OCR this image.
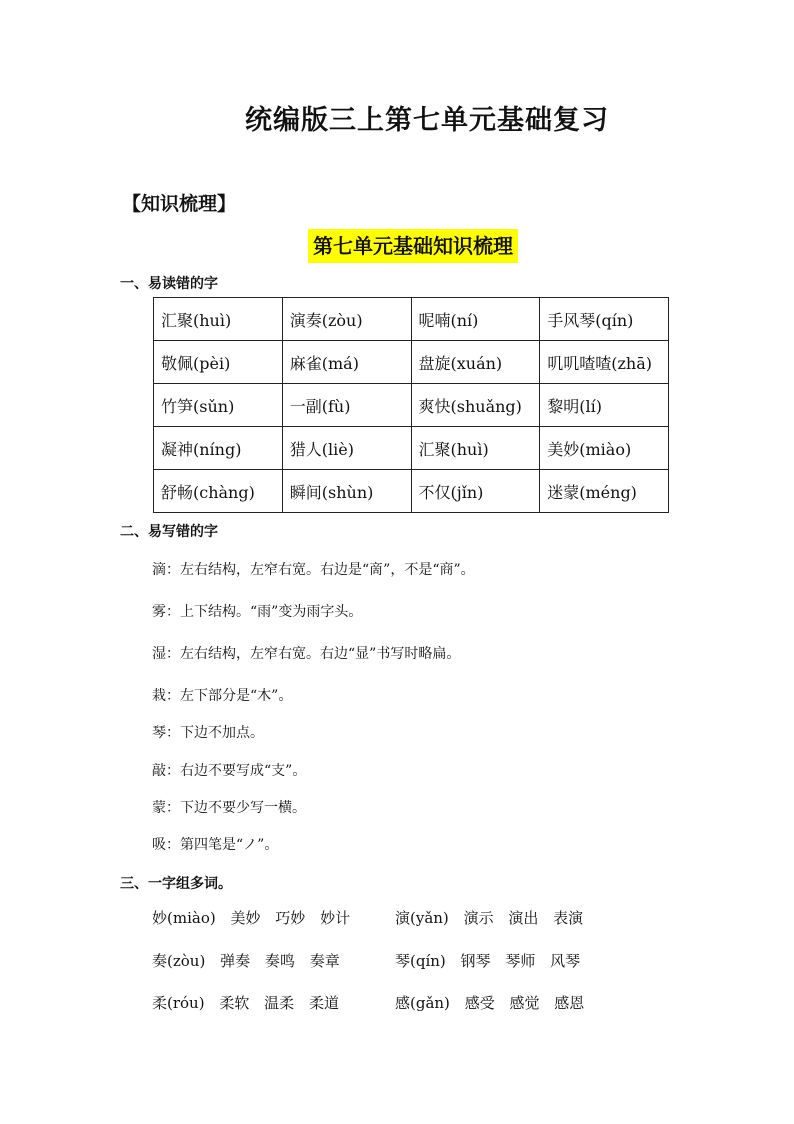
统编版三上第七单元基础复习
【知识梳理】
第七单元基础知识梳理
一、易读错的字
汇聚(huì)	演奏(zòu)	呢喃(ní)	手风琴(qín)
敬佩(pèi)	麻雀(má)	盘旋(xuán)	叽叽喳喳(zhā)
竹笋(sǔn)	一副(fù)	爽快(shuǎng)	黎明(lí)
凝神(níng)	猎人(liè)	汇聚(huì)	美妙(miào)
舒畅(chàng)	瞬间(shùn)	不仅(jǐn)	迷蒙(méng)
二、易写错的字
滴：左右结构，左窄右宽。右边是“啇”，不是“商”。
雾：上下结构。“雨”变为雨字头。
湿：左右结构，左窄右宽。右边“显”书写时略扁。
栽：左下部分是“木”。
琴：下边不加点。
敲：右边不要写成“支”。
蒙：下边不要少写一横。
吸：第四笔是“ノ”。
三、一字组多词。
妙(miào) 美妙 巧妙 妙计	演(yǎn) 演示 演出 表演
奏(zòu) 弹奏 奏鸣 奏章	琴(qín) 钢琴 琴师 风琴
柔(róu) 柔软 温柔 柔道	感(gǎn) 感受 感觉 感恩
